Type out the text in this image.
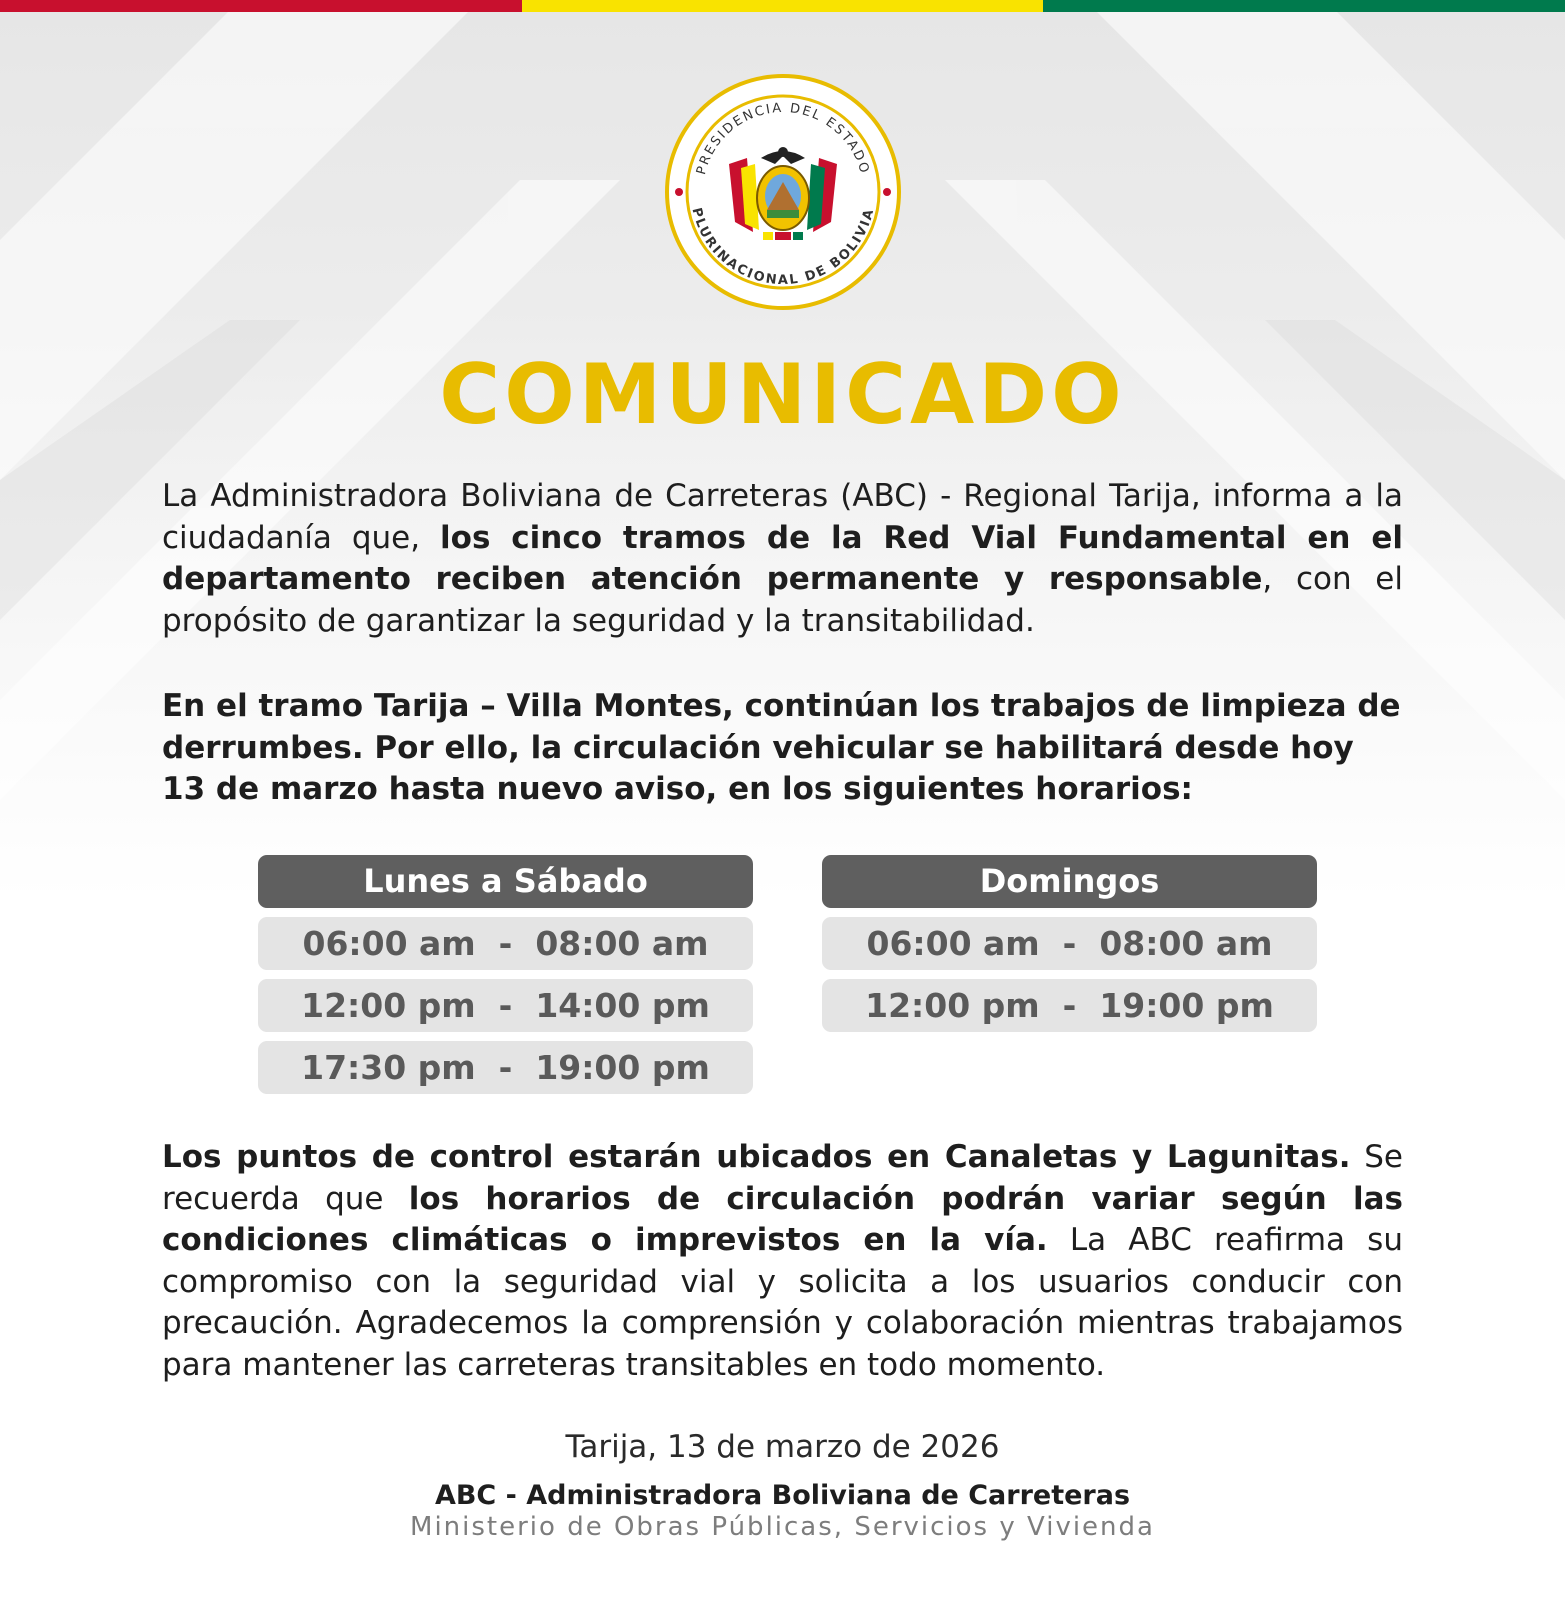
PRESIDENCIA DEL ESTADO
PLURINACIONAL DE BOLIVIA
COMUNICADO

La Administradora Boliviana de Carreteras (ABC) - Regional Tarija, informa a la ciudadanía que, los cinco tramos de la Red Vial Fundamental en el departamento reciben atención permanente y responsable, con el propósito de garantizar la seguridad y la transitabilidad.

En el tramo Tarija – Villa Montes, continúan los trabajos de limpieza de derrumbes. Por ello, la circulación vehicular se habilitará desde hoy 13 de marzo hasta nuevo aviso, en los siguientes horarios:

Lunes a Sábado
06:00 am  -  08:00 am
12:00 pm  -  14:00 pm
17:30 pm  -  19:00 pm
Domingos
06:00 am  -  08:00 am
12:00 pm  -  19:00 pm

Los puntos de control estarán ubicados en Canaletas y Lagunitas. Se recuerda que los horarios de circulación podrán variar según las condiciones climáticas o imprevistos en la vía. La ABC reafirma su compromiso con la seguridad vial y solicita a los usuarios conducir con precaución. Agradecemos la comprensión y colaboración mientras trabajamos para mantener las carreteras transitables en todo momento.

Tarija, 13 de marzo de 2026
ABC - Administradora Boliviana de Carreteras
Ministerio de Obras Públicas, Servicios y Vivienda
